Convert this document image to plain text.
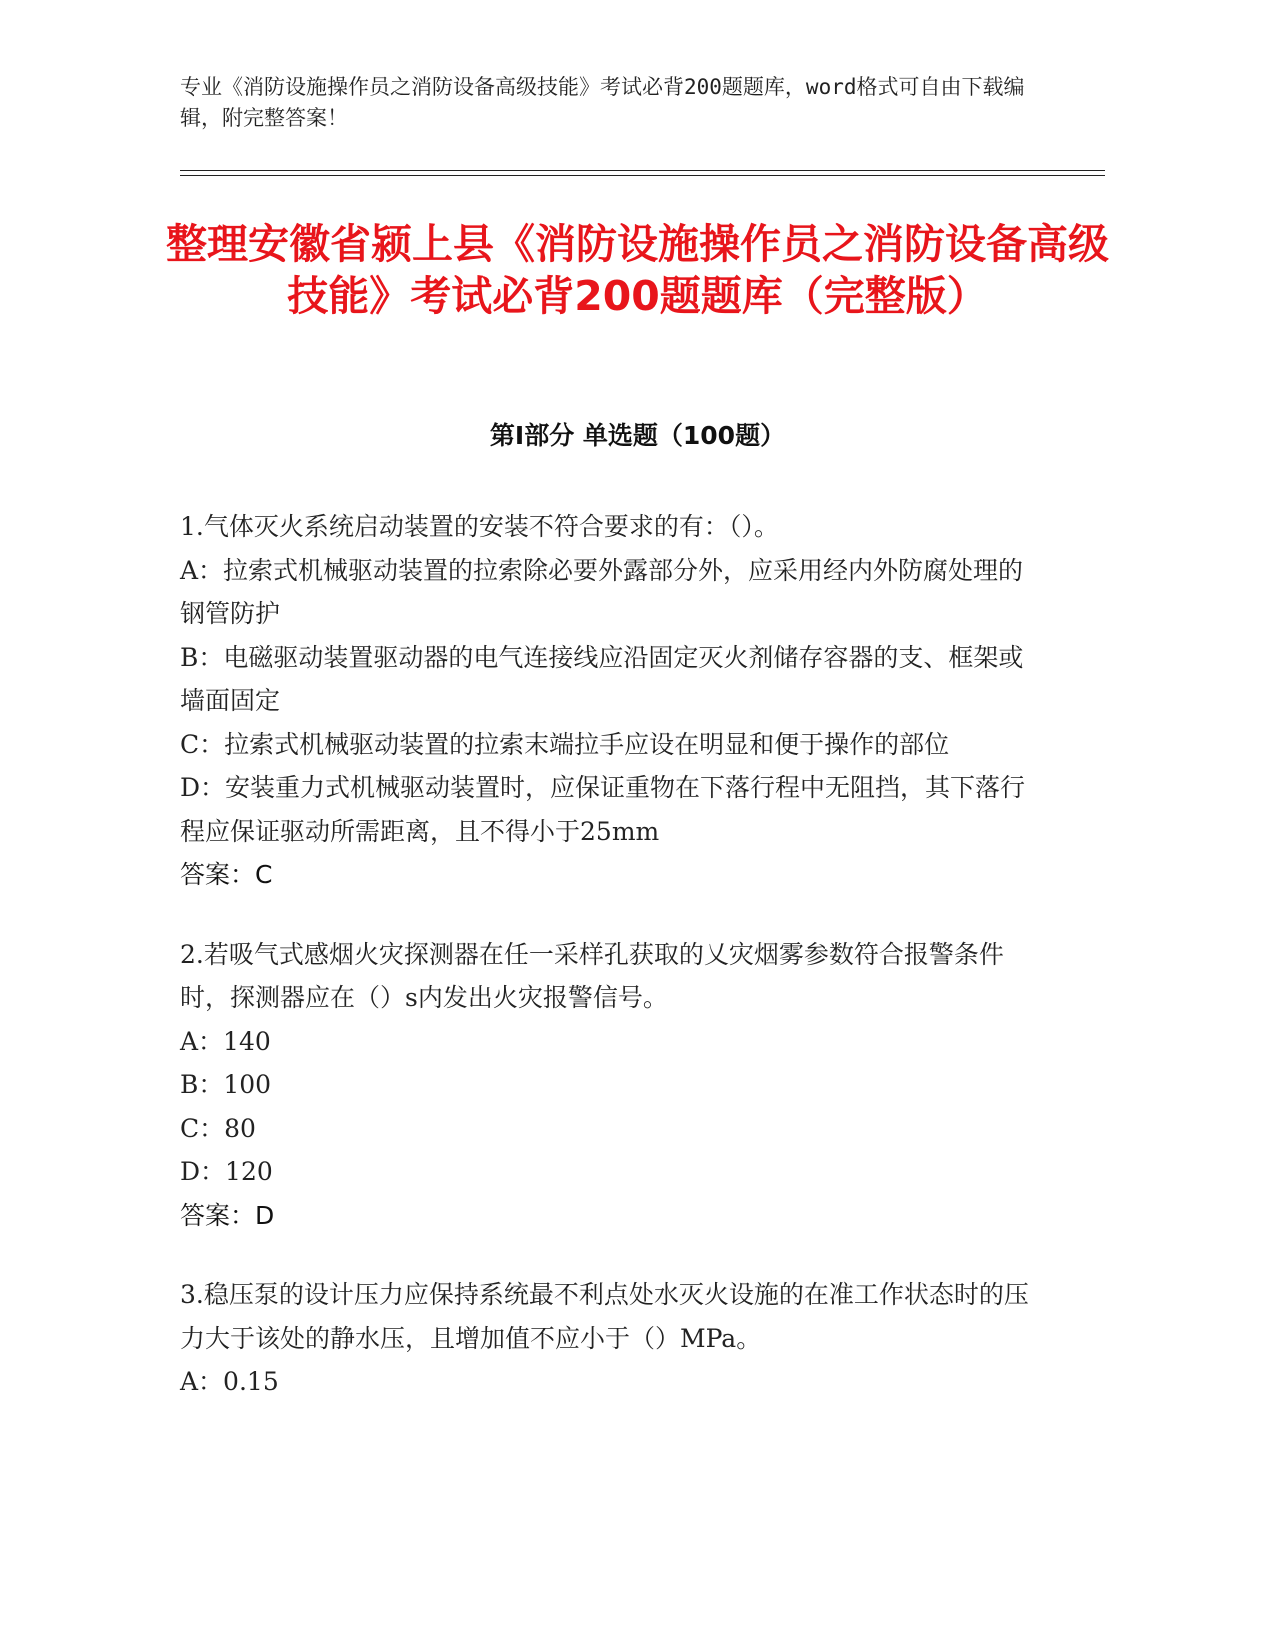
专业《消防设施操作员之消防设备高级技能》考试必背200题题库，word格式可自由下载编辑，附完整答案！

整理安徽省颍上县《消防设施操作员之消防设备高级技能》考试必背200题题库（完整版）
第Ⅰ部分 单选题（100题）

1.气体灭火系统启动装置的安装不符合要求的有：（）。

A：拉索式机械驱动装置的拉索除必要外露部分外，应采用经内外防腐处理的钢管防护

B：电磁驱动装置驱动器的电气连接线应沿固定灭火剂储存容器的支、框架或墙面固定

C：拉索式机械驱动装置的拉索末端拉手应设在明显和便于操作的部位

D：安装重力式机械驱动装置时，应保证重物在下落行程中无阻挡，其下落行程应保证驱动所需距离，且不得小于25mm

答案：C

2.若吸气式感烟火灾探测器在任一采样孔获取的乂灾烟雾参数符合报警条件时，探测器应在（）s内发出火灾报警信号。

A：140

B：100

C：80

D：120

答案：D

3.稳压泵的设计压力应保持系统最不利点处水灭火设施的在准工作状态时的压力大于该处的静水压，且增加值不应小于（）MPa。

A：0.15
